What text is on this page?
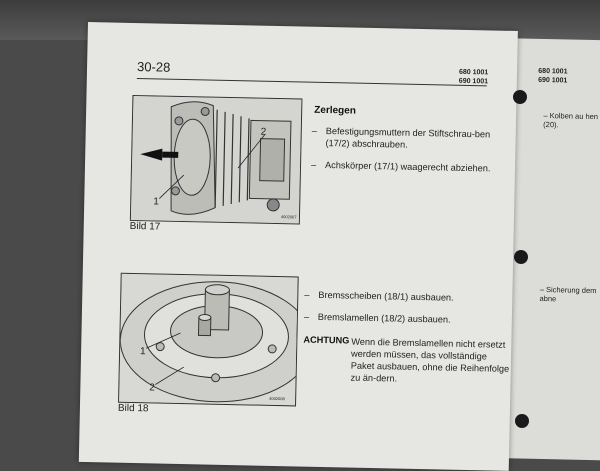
680 1001
690 1001
– Kolben au hen (20).
– Sicherung dem abne
30-28	680 1001
690 1001
1
2
4002007
Bild 17
1
2
4002008
Bild 18
Zerlegen
– Befestigungsmuttern der Stiftschrau-ben (17/2) abschrauben.
– Achskörper (17/1) waagerecht abziehen.
– Bremsscheiben (18/1) ausbauen.
– Bremslamellen (18/2) ausbauen.
ACHTUNG Wenn die Bremslamellen nicht ersetzt werden müssen, das vollständige Paket ausbauen, ohne die Reihenfolge zu än-dern.
